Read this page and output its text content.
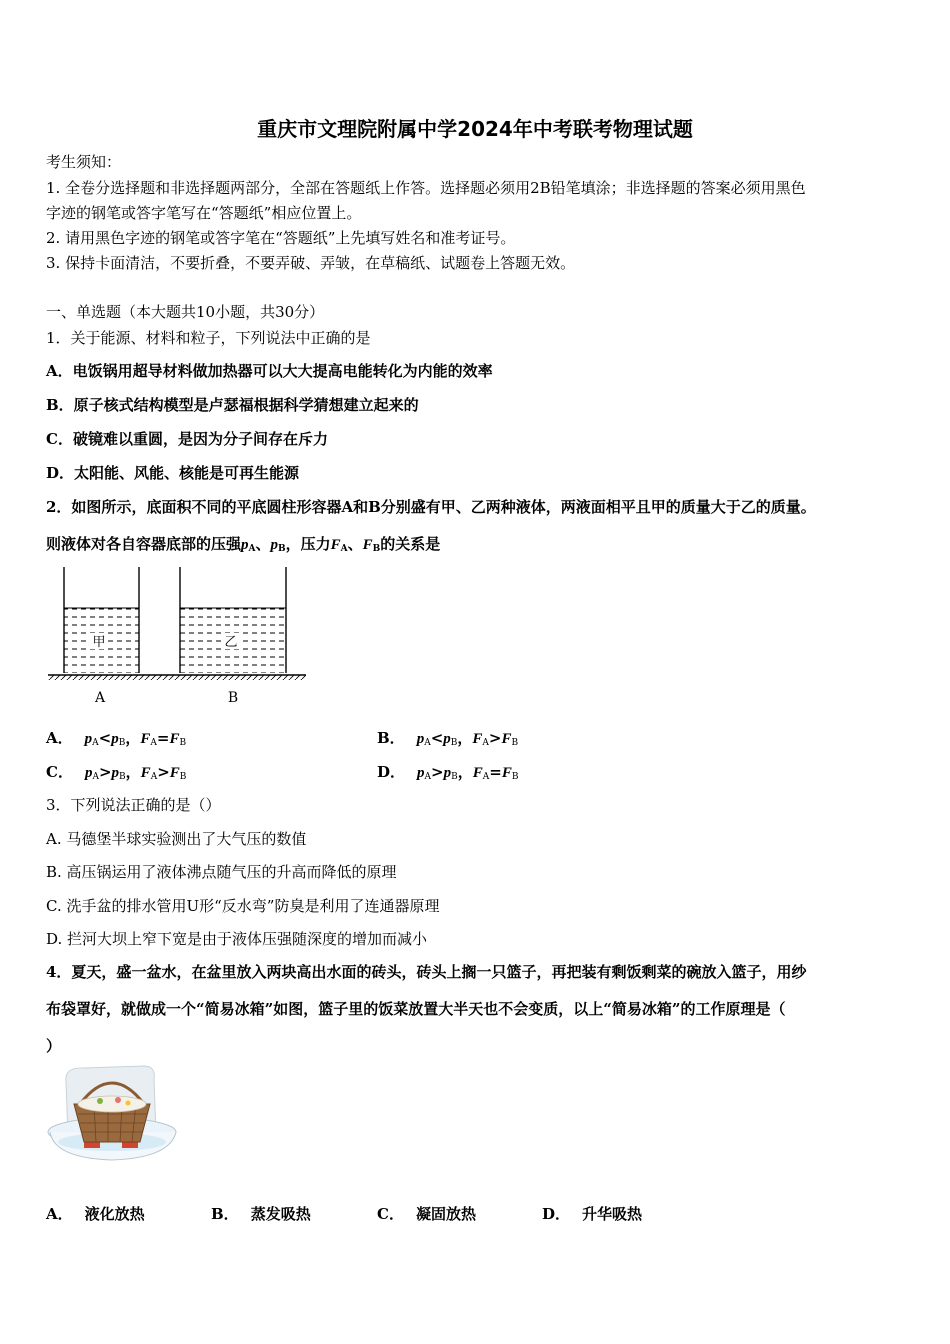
重庆市文理院附属中学2024年中考联考物理试题
考生须知：
1. 全卷分选择题和非选择题两部分，全部在答题纸上作答。选择题必须用2B铅笔填涂；非选择题的答案必须用黑色
字迹的钢笔或答字笔写在“答题纸”相应位置上。
2. 请用黑色字迹的钢笔或答字笔在“答题纸”上先填写姓名和准考证号。
3. 保持卡面清洁，不要折叠，不要弄破、弄皱，在草稿纸、试题卷上答题无效。
一、单选题（本大题共10小题，共30分）
1．关于能源、材料和粒子，下列说法中正确的是
A．电饭锅用超导材料做加热器可以大大提高电能转化为内能的效率
B．原子核式结构模型是卢瑟福根据科学猜想建立起来的
C．破镜难以重圆，是因为分子间存在斥力
D．太阳能、风能、核能是可再生能源
2．如图所示，底面积不同的平底圆柱形容器A和B分别盛有甲、乙两种液体，两液面相平且甲的质量大于乙的质量。
则液体对各自容器底部的压强$p_A$、$p_B$，压力$F_A$、$F_B$的关系是
甲	乙
A	B
A． $p_A<p_B$，$F_A=F_B$	B． $p_A<p_B$，$F_A>F_B$
C． $p_A>p_B$，$F_A>F_B$	D． $p_A>p_B$，$F_A=F_B$
3．下列说法正确的是（）
A. 马德堡半球实验测出了大气压的数值
B. 高压锅运用了液体沸点随气压的升高而降低的原理
C. 洗手盆的排水管用U形“反水弯”防臭是利用了连通器原理
D. 拦河大坝上窄下宽是由于液体压强随深度的增加而减小
4．夏天，盛一盆水，在盆里放入两块高出水面的砖头，砖头上搁一只篮子，再把装有剩饭剩菜的碗放入篮子，用纱
布袋罩好，就做成一个“简易冰箱”如图，篮子里的饭菜放置大半天也不会变质，以上“简易冰箱”的工作原理是（
）
A． 液化放热	B． 蒸发吸热	C． 凝固放热	D． 升华吸热
